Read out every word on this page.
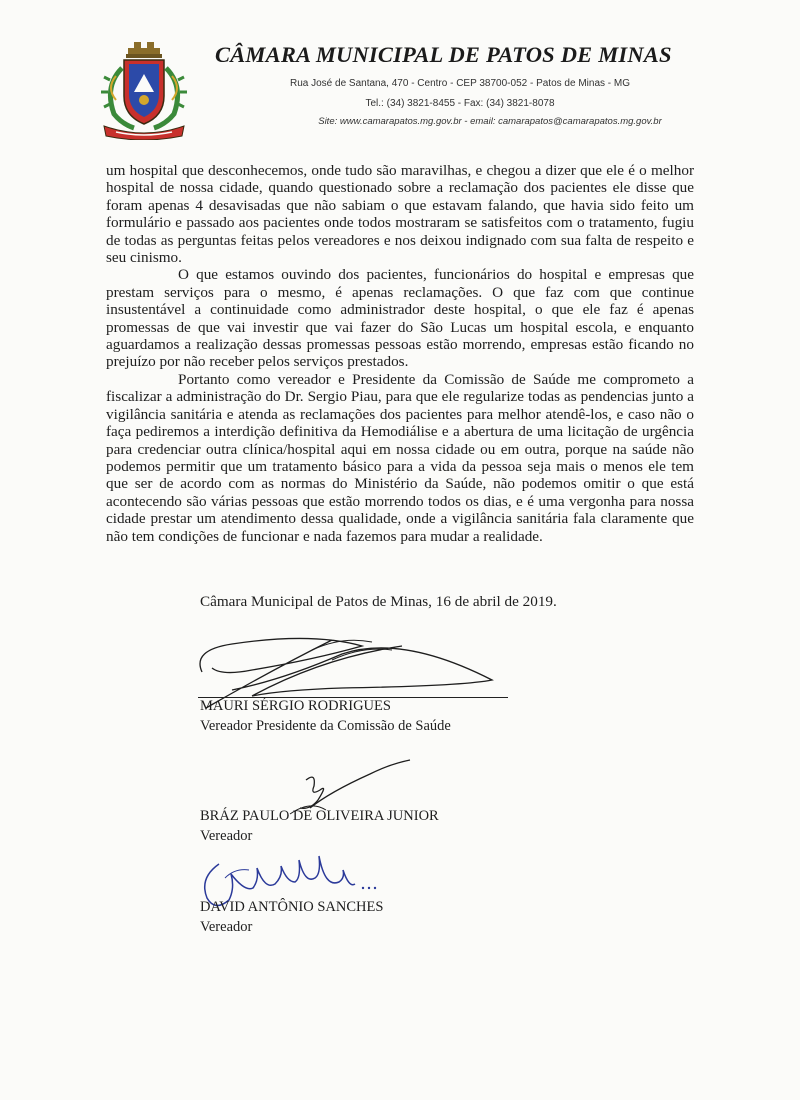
CÂMARA MUNICIPAL DE PATOS DE MINAS
Rua José de Santana, 470 - Centro - CEP 38700-052 - Patos de Minas - MG
Tel.: (34) 3821-8455 - Fax: (34) 3821-8078
Site: www.camarapatos.mg.gov.br - email: camarapatos@camarapatos.mg.gov.br

um hospital que desconhecemos, onde tudo são maravilhas, e chegou a dizer que ele é o melhor hospital de nossa cidade, quando questionado sobre a reclamação dos pacientes ele disse que foram apenas 4 desavisadas que não sabiam o que estavam falando, que havia sido feito um formulário e passado aos pacientes onde todos mostraram se satisfeitos com o tratamento, fugiu de todas as perguntas feitas pelos vereadores e nos deixou indignado com sua falta de respeito e seu cinismo.

O que estamos ouvindo dos pacientes, funcionários do hospital e empresas que prestam serviços para o mesmo, é apenas reclamações. O que faz com que continue insustentável a continuidade como administrador deste hospital, o que ele faz é apenas promessas de que vai investir que vai fazer do São Lucas um hospital escola, e enquanto aguardamos a realização dessas promessas pessoas estão morrendo, empresas estão ficando no prejuízo por não receber pelos serviços prestados.

Portanto como vereador e Presidente da Comissão de Saúde me comprometo a fiscalizar a administração do Dr. Sergio Piau, para que ele regularize todas as pendencias junto a vigilância sanitária e atenda as reclamações dos pacientes para melhor atendê-los, e caso não o faça pediremos a interdição definitiva da Hemodiálise e a abertura de uma licitação de urgência para credenciar outra clínica/hospital aqui em nossa cidade ou em outra, porque na saúde não podemos permitir que um tratamento básico para a vida da pessoa seja mais o menos ele tem que ser de acordo com as normas do Ministério da Saúde, não podemos omitir o que está acontecendo são várias pessoas que estão morrendo todos os dias, e é uma vergonha para nossa cidade prestar um atendimento dessa qualidade, onde a vigilância sanitária fala claramente que não tem condições de funcionar e nada fazemos para mudar a realidade.

Câmara Municipal de Patos de Minas, 16 de abril de 2019.
MAURI SÉRGIO RODRIGUES
Vereador Presidente da Comissão de Saúde
BRÁZ PAULO DE OLIVEIRA JUNIOR
Vereador
DAVID ANTÔNIO SANCHES
Vereador
